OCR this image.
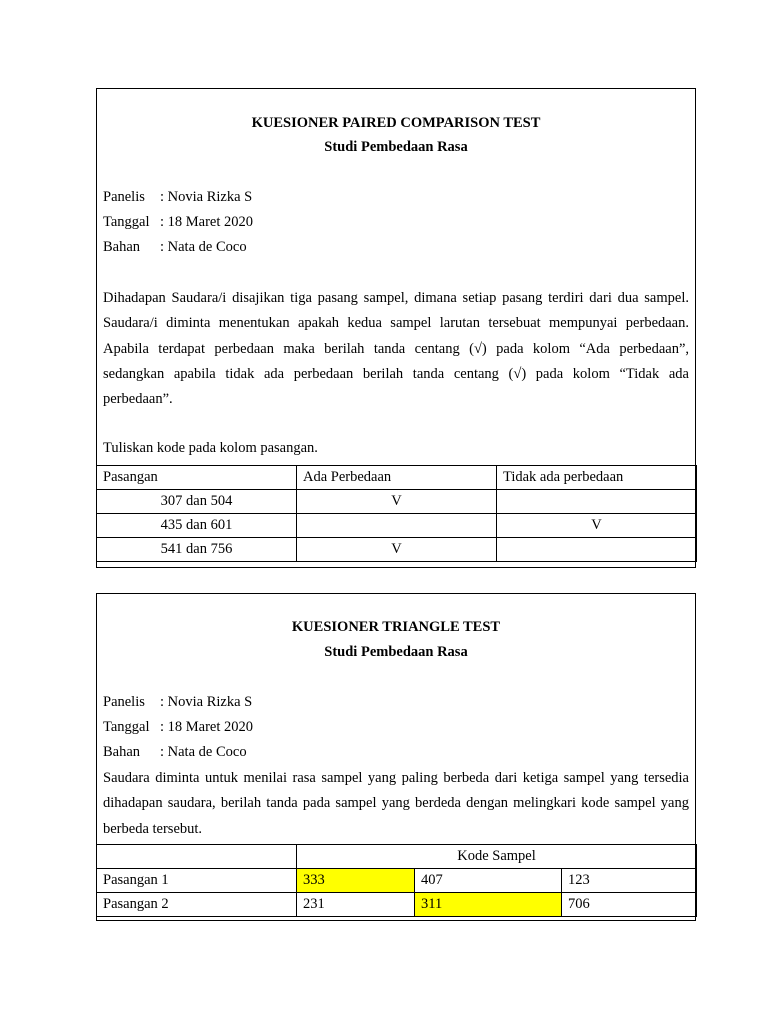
KUESIONER PAIRED COMPARISON TEST
Studi Pembedaan Rasa
Panelis : Novia Rizka S
Tanggal : 18 Maret 2020
Bahan : Nata de Coco
Dihadapan Saudara/i disajikan tiga pasang sampel, dimana setiap pasang terdiri dari dua sampel. Saudara/i diminta menentukan apakah kedua sampel larutan tersebuat mempunyai perbedaan. Apabila terdapat perbedaan maka berilah tanda centang (√) pada kolom “Ada perbedaan”, sedangkan apabila tidak ada perbedaan berilah tanda centang (√) pada kolom “Tidak ada perbedaan”.
Tuliskan kode pada kolom pasangan.
Pasangan	Ada Perbedaan	Tidak ada perbedaan
307 dan 504	V	
435 dan 601		V
541 dan 756	V	
KUESIONER TRIANGLE TEST
Studi Pembedaan Rasa
Panelis : Novia Rizka S
Tanggal : 18 Maret 2020
Bahan : Nata de Coco
Saudara diminta untuk menilai rasa sampel yang paling berbeda dari ketiga sampel yang tersedia dihadapan saudara, berilah tanda pada sampel yang berdeda dengan melingkari kode sampel yang berbeda tersebut.
	Kode Sampel		
Pasangan 1	333	407	123
Pasangan 2	231	311	706
